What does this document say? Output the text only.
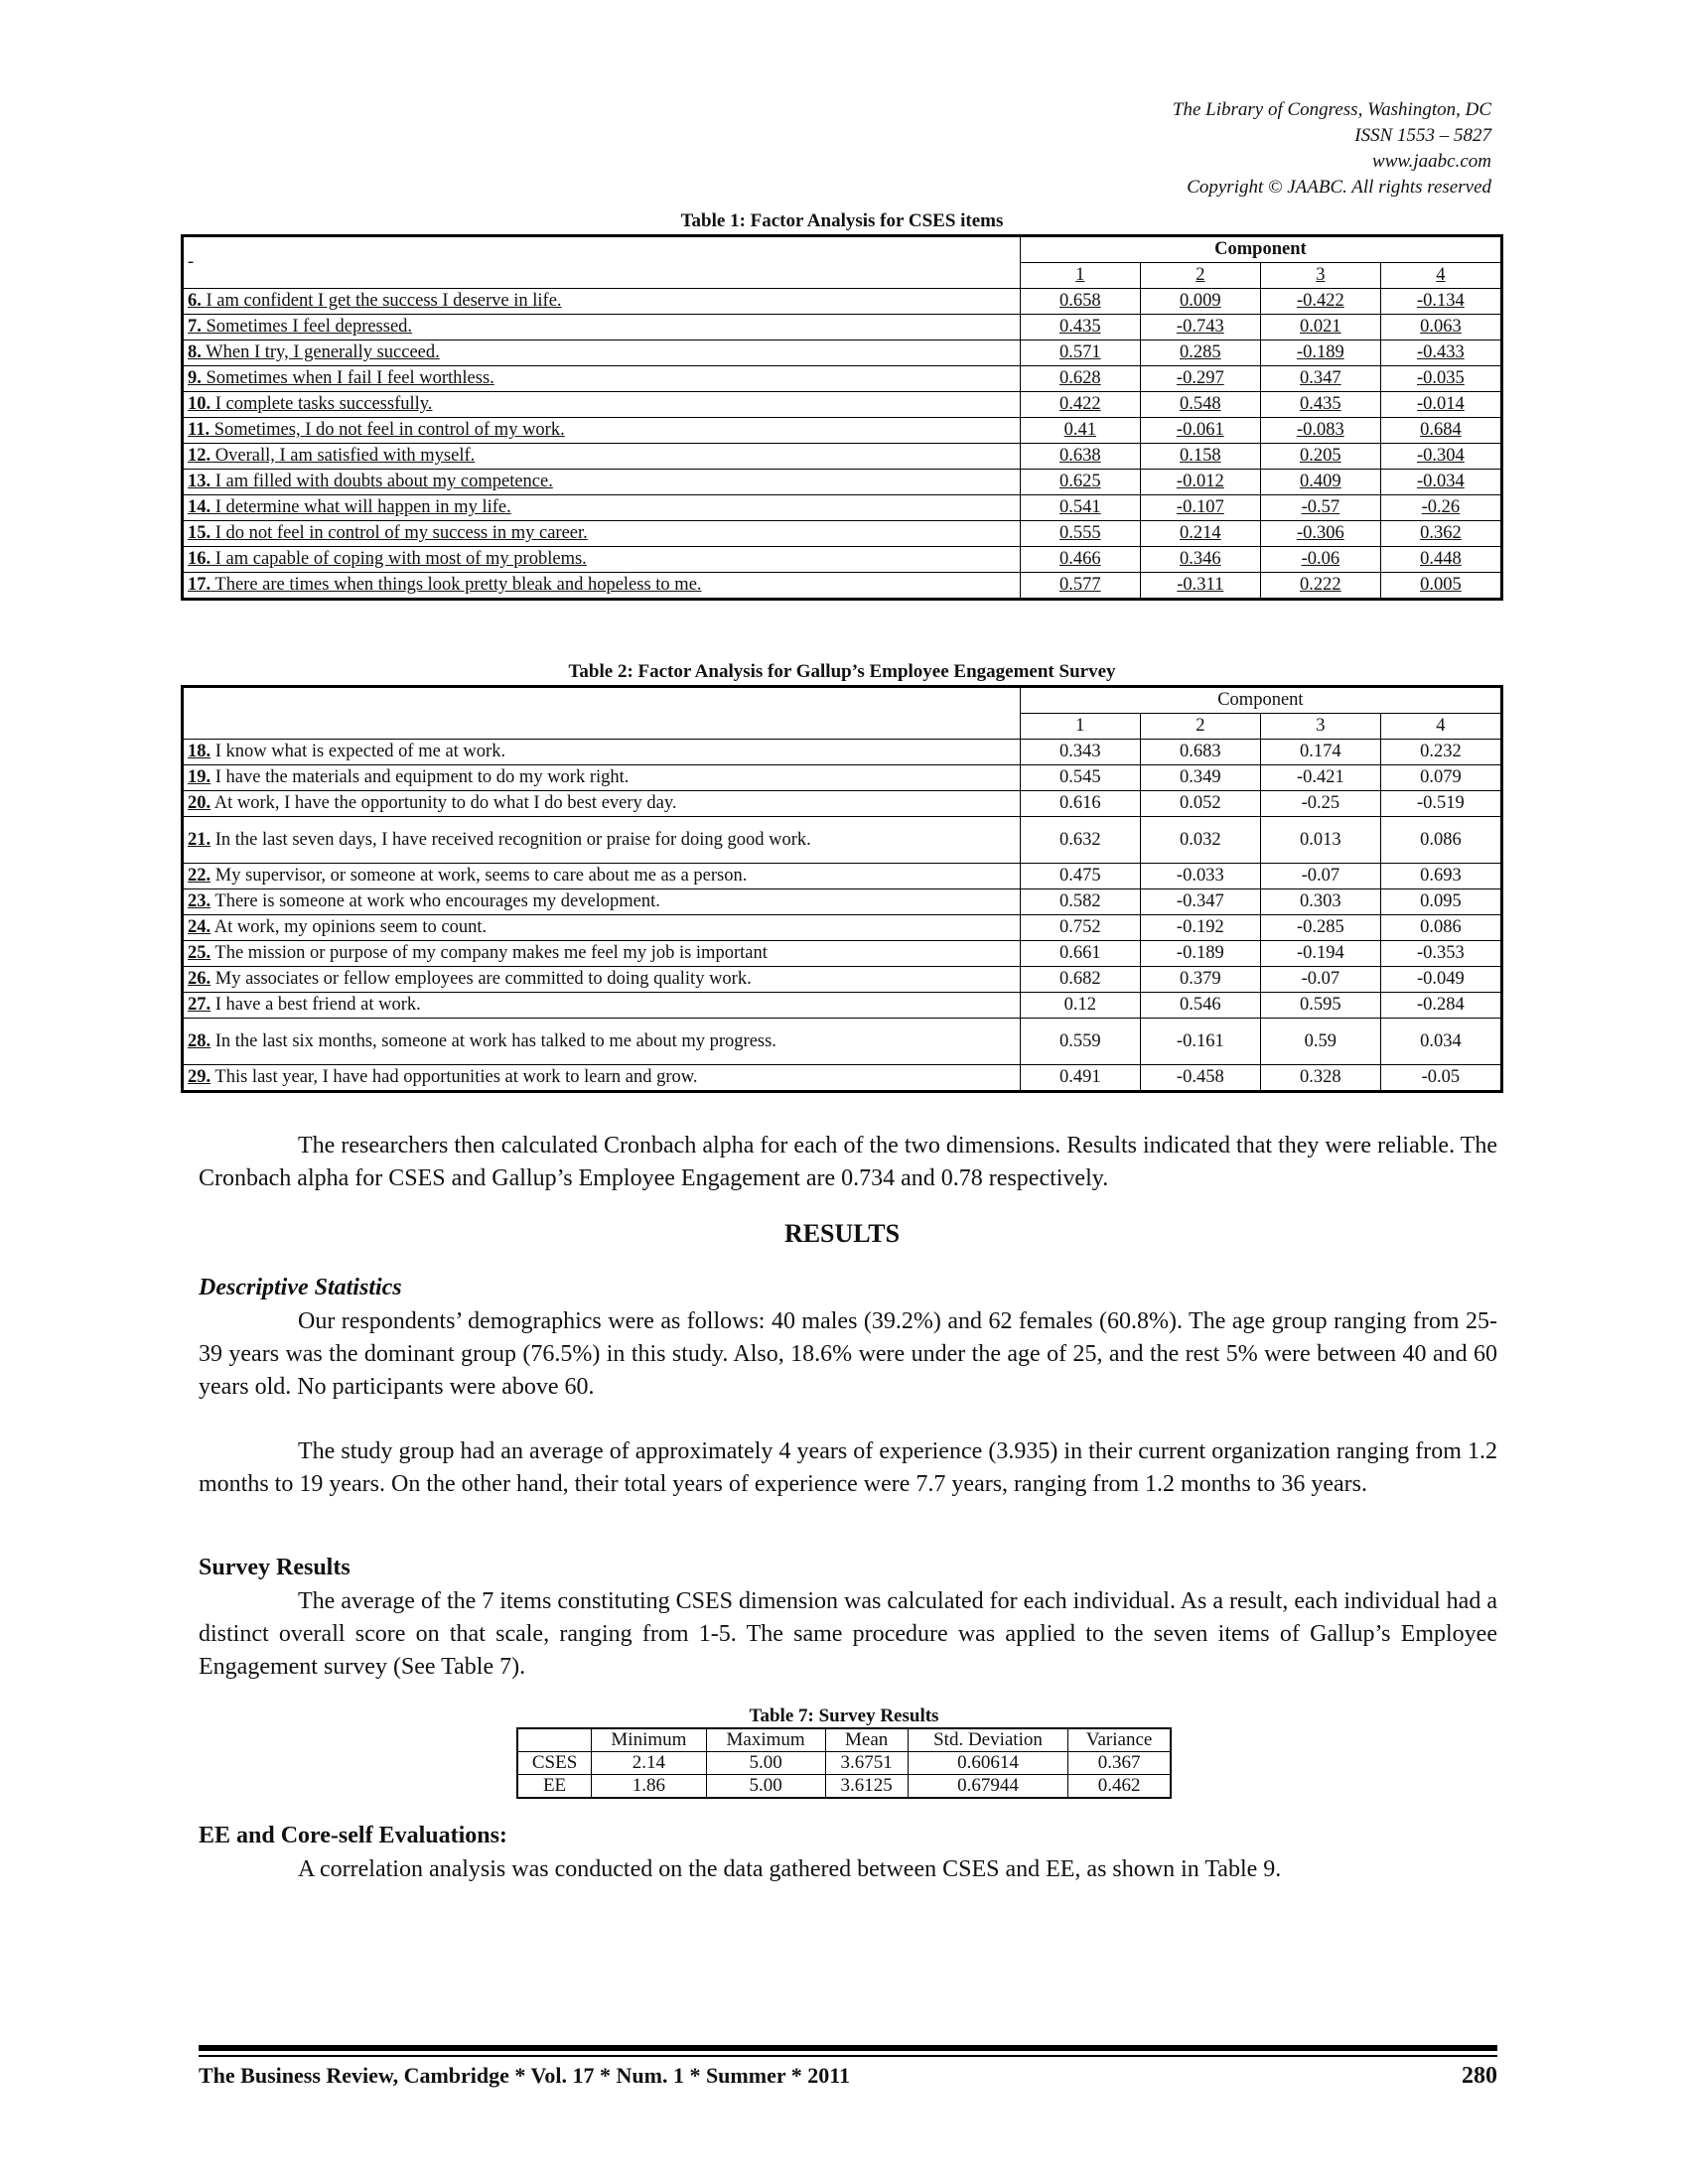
The Library of Congress, Washington, DC
ISSN 1553 – 5827
www.jaabc.com
Copyright © JAABC. All rights reserved
Table 1: Factor Analysis for CSES items
-	Component			
	1	2	3	4
6. I am confident I get the success I deserve in life.	0.658	0.009	-0.422	-0.134
7. Sometimes I feel depressed.	0.435	-0.743	0.021	0.063
8. When I try, I generally succeed.	0.571	0.285	-0.189	-0.433
9. Sometimes when I fail I feel worthless.	0.628	-0.297	0.347	-0.035
10. I complete tasks successfully.	0.422	0.548	0.435	-0.014
11. Sometimes, I do not feel in control of my work.	0.41	-0.061	-0.083	0.684
12. Overall, I am satisfied with myself.	0.638	0.158	0.205	-0.304
13. I am filled with doubts about my competence.	0.625	-0.012	0.409	-0.034
14. I determine what will happen in my life.	0.541	-0.107	-0.57	-0.26
15. I do not feel in control of my success in my career.	0.555	0.214	-0.306	0.362
16. I am capable of coping with most of my problems.	0.466	0.346	-0.06	0.448
17. There are times when things look pretty bleak and hopeless to me.	0.577	-0.311	0.222	0.005
Table 2: Factor Analysis for Gallup’s Employee Engagement Survey
	Component			
	1	2	3	4
18. I know what is expected of me at work.	0.343	0.683	0.174	0.232
19. I have the materials and equipment to do my work right.	0.545	0.349	-0.421	0.079
20. At work, I have the opportunity to do what I do best every day.	0.616	0.052	-0.25	-0.519
21. In the last seven days, I have received recognition or praise for doing good work.	0.632	0.032	0.013	0.086
22. My supervisor, or someone at work, seems to care about me as a person.	0.475	-0.033	-0.07	0.693
23. There is someone at work who encourages my development.	0.582	-0.347	0.303	0.095
24. At work, my opinions seem to count.	0.752	-0.192	-0.285	0.086
25. The mission or purpose of my company makes me feel my job is important	0.661	-0.189	-0.194	-0.353
26. My associates or fellow employees are committed to doing quality work.	0.682	0.379	-0.07	-0.049
27. I have a best friend at work.	0.12	0.546	0.595	-0.284
28. In the last six months, someone at work has talked to me about my progress.	0.559	-0.161	0.59	0.034
29. This last year, I have had opportunities at work to learn and grow.	0.491	-0.458	0.328	-0.05
The researchers then calculated Cronbach alpha for each of the two dimensions. Results indicated that they were reliable. The Cronbach alpha for CSES and Gallup’s Employee Engagement are 0.734 and 0.78 respectively.
RESULTS
Descriptive Statistics
Our respondents’ demographics were as follows: 40 males (39.2%) and 62 females (60.8%). The age group ranging from 25-39 years was the dominant group (76.5%) in this study. Also, 18.6% were under the age of 25, and the rest 5% were between 40 and 60 years old. No participants were above 60.
The study group had an average of approximately 4 years of experience (3.935) in their current organization ranging from 1.2 months to 19 years. On the other hand, their total years of experience were 7.7 years, ranging from 1.2 months to 36 years.
Survey Results
The average of the 7 items constituting CSES dimension was calculated for each individual. As a result, each individual had a distinct overall score on that scale, ranging from 1-5. The same procedure was applied to the seven items of Gallup’s Employee Engagement survey (See Table 7).
Table 7: Survey Results
	Minimum	Maximum	Mean	Std. Deviation	Variance
CSES	2.14	5.00	3.6751	0.60614	0.367
EE	1.86	5.00	3.6125	0.67944	0.462
EE and Core-self Evaluations:
A correlation analysis was conducted on the data gathered between CSES and EE, as shown in Table 9.
The Business Review, Cambridge * Vol. 17 * Num. 1 * Summer * 2011	280
